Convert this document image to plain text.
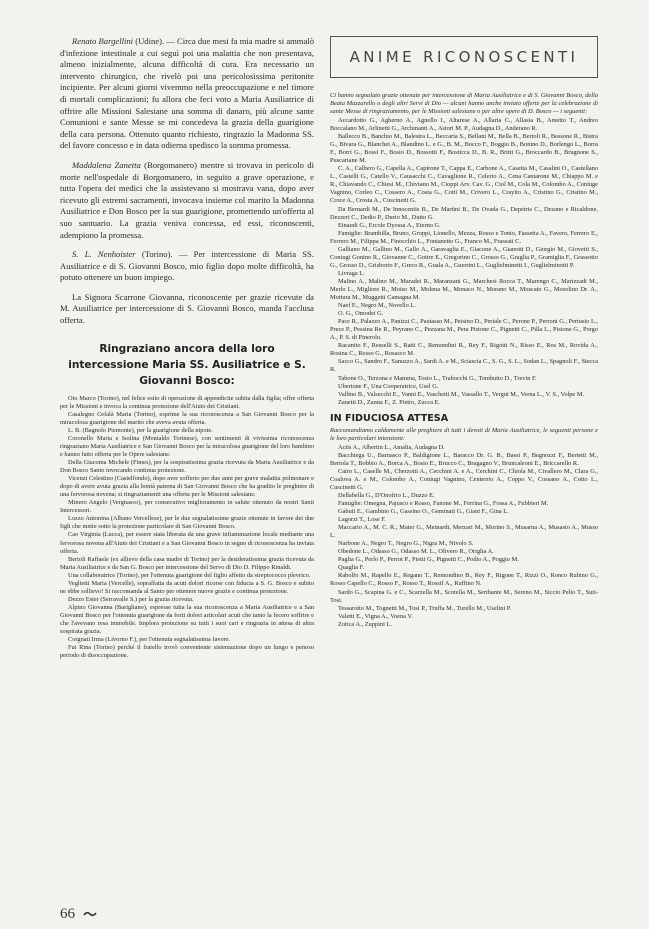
Renato Bargellini (Udine). — Circa due mesi fa mia madre si ammalò d'infezione intestinale a cui seguì poi una malattia che non presentava, almeno inizialmente, alcuna difficoltà di cura. Era necessario un intervento chirurgico, che rivelò poi una pericolosissima peritonite incipiente. Per alcuni giorni vivemmo nella preoccupazione e nel timore di mortali complicazioni; fu allora che feci voto a Maria Ausiliatrice di offrire alle Missioni Salesiane una somma di danaro, più alcune sante Comunioni e sante Messe se mi concedeva la grazia della guarigione della cara persona. Ottenuto quanto richiesto, ringrazio la Madonna SS. del favore concesso e in data odierna spedisco la somma promessa.

Maddalena Zanetta (Borgomanero) mentre si trovava in pericolo di morte nell'ospedale di Borgomanero, in seguito a grave operazione, e tutta l'opera dei medici che la assistevano si mostrava vana, dopo aver ricevuto gli estremi sacramenti, invocava insieme col marito la Madonna Ausiliatrice e Don Bosco per la sua guarigione, promettendo un'offerta al suo santuario. La grazia veniva concessa, ed essi, riconoscenti, adempiono la promessa.

S. L. Nenhoister (Torino). — Per intercessione di Maria SS. Ausiliatrice e di S. Giovanni Bosco, mio figlio dopo molte difficoltà, ha potuto ottenere un buon impiego.

La Signora Scarrone Giovanna, riconoscente per grazie ricevute da M. Ausiliatrice per intercessione di S. Giovanni Bosco, manda l'acclusa offerta.

Ringraziano ancora della loro intercessione Maria SS. Ausiliatrice e S. Giovanni Bosco:

Oto Marco (Torino), nel felice esito di operazione di appendicite subita dalla figlia; offre offerta per le Missioni e invoca la continua protezione dell'Aiuto dei Cristiani.

Casalegno Cefalà Maria (Torino), esprime la sua riconoscenza a San Giovanni Bosco per la miracolosa guarigione del marito che aveva avuta offerta.

L. B. (Bagnolo Piemonte), per la guarigione della nipote.

Coronello Maria e Isolina (Montaldo Torinese), con sentimenti di vivissima riconoscenza ringraziano Maria Ausiliatrice e San Giovanni Bosco per la miracolosa guarigione del loro bambino e hanno fatto offerta per le Opere salesiane.

Della Giacoma Michele (Fimes), per la sospiratissima grazia ricevuta da Maria Ausiliatrice e da Don Bosco Santo invocando continua protezione.

Vicenzi Celestino (Castelfondo), dopo aver sofferto per due anni per grave malattia polmonare e dopo di avere avuta grazia alla bontà paterna di San Giovanni Bosco che ha gradito le preghiere di una fervorosa novena; si ringraziamenti una offerta per le Missioni salesiane.

Minero Angelo (Vergnasco), per consecutivo miglioramento in salute ottenuto da nostri Santi Intercessori.

Lozzo Antonina (Albano Vercellese), per le due segnalatissime grazie ottenute in favore dei due figli che mette sotto la protezione particolare di San Giovanni Bosco.

Cao Virginia (Lucca), per essere stata liberata da una grave infiammazione locale mediante una fervorosa novena all'Aiuto dei Cristiani e a San Giovanni Bosco in segno di riconoscenza ha inviata offerta.

Bertoli Raffaele (ex allievo della casa madre di Torino) per la desideratissima grazia ricevuta da Maria Ausiliatrice e da San G. Bosco per intercessione del Servo di Dio D. Filippo Rinaldi.

Una collaboratrice (Torino), per l'ottenuta guarigione del figlio affetto da streptococco plevrico.

Veglietti Maria (Vercelle), sopraffatta da acuti dolori ricorse con fiducia a S. G. Bosco e subito ne ebbe sollievo! Si raccomanda al Santo per ottenere nuove grazie e continua protezione.

Dezzo Ester (Serravalle S.) per la grazia ricevuta.

Alpino Giovanna (Barigliano), espresse tutta la sua riconoscenza a Maria Ausiliatrice e a San Giovanni Bosco per l'ottenuta guarigione da forti dolori articolari acuti che tanto la fecero soffrire e che l'avevano resa immobile. Implora protezione su tutti i suoi cari e ringrazia in attesa di altra sospirata grazia.

Corgnati Irma (Livorno F.), per l'ottenuta segnalatissima favore.

Fui Rina (Torino) perché il fratello trovò conveniente sistemazione dopo un lungo e penoso periodo di disoccupazione.

ANIME RICONOSCENTI

Ci hanno segnalato grazie ottenute per intercessione di Maria Ausiliatrice e di S. Giovanni Bosco, della Beata Mazzarello o degli altri Servi di Dio — alcuni hanno anche inviato offerte per la celebrazione di sante Messe di ringraziamento, per le Missioni salesiane o per altre opere di D. Bosco — i seguenti:

Accardotto G., Agherno A., Agnello I., Altarese A., Allaria C., Allasia B., Ametto T., Andreo Boccalano M., Arlinetti G., Archinanti A., Astori M. P., Audagna D., Anderano R.

Ballecco B., Banchio M., Balestra L., Beccaria S., Bellani M., Bella B., Bertoli R., Bessone R., Bistra G., Bivara G., Blanchet A., Blandino L. e G., B. M., Bocco F., Boggio B., Bonino D., Borlengo L., Borra F., Borri G., Bossi F., Bosio D., Bossotti F., Bosticca D., B. R., Britti G., Broccardo B., Brugnone S., Puscariane M.

C. A., Calbero G., Capella A., Capirone T., Cappa E., Carbone A., Casetta M., Casalini O., Castellano L., Castelli G., Catello V., Causacchi C., Cavaglione R., Celerio A., Cena Cantarone M., Chiappo M. e R., Chiavando C., Chiesi M., Chiviano M., Cioppi Arv. Cav. G., Ciol M., Cola M., Colombo A., Coniuge Vagnino, Corleo C., Cossero A., Costa G., Cotti M., Crivero L., Crayito A., Cristino G., Cristino M., Croce A., Crosta A., Cuscinetti G.

Da Bernardi M., De Innocentis B., De Martini B., De Ovada G., Depetris C., Dezano e Ricaldone, Dezzeri C., Dedio P., Durio M., Dutto G.

Einaudi G., Ercole Dyossa A., Eterno G.

Famiglie: Brambilla, Bruno, Groppi, Lionello, Mezza, Rosso e Tonio, Fassetta A., Favero, Ferrero E., Ferrero M., Filippa M., Finocchio L., Fontanetto G., Franco M., Frassati C.

Galliano M., Gallino M., Gallo A., Garavaglia E., Giacone A., Gianotti D., Giorgio M., Giovetti S., Coniugi Gonino R., Giovanne C., Gottre E., Gregorino C., Grosso G., Graglia P., Gramiglia F., Grassotto G., Grosso D., Grisborio F., Greco R., Guala A., Guerrini L., Guglielminetti I., Guglielminotti P.

Livraga L.

Malino A., Malino M., Maradei R., Maranzani G., Marchesi Rocca T., Marengo C., Marizzadi M., Merlo L., Migliore R., Moiso M., Molena M., Monaco N., Morano M., Moscato G., Mosolino Dr. A., Mottura M., Muggetti Camagna M.

Naef E., Negro M., Novello L.

O. G., Omodei G.

Pace R., Palazzo A., Panizzi C., Pautasso M., Peisino D., Periale C., Perone P., Perroni G., Pertusio L., Prece P., Pessina Re R., Peyrano C., Pezzana M., Pera Pistone C., Pignetti C., Pilla L., Pistone G., Porgo A., P. S. di Pinerolo.

Racanito F., Resselli S., Ratti C., Remondini R., Rey F., Rigotti N., Risso E., Ros M., Rovida A., Rosina C., Rosso G., Rosasco M.

Sacco G., Sandro F., Sanuzzo A., Sardi A. e M., Sciascia C., S. G., S. L., Sodan L., Spagnoli F., Stecca R.

Tabone O., Terzona e Mamma, Tosio L., Trabocchi G., Tombutto D., Trevin F.

Ubertone F., Una Cooperatrice, Usel G.

Vallino B., Valsecchi E., Vanni E., Vaschetti M., Vassallo T., Vergut M., Verna L., V. S., Volpe M.

Zanetti D., Zanna F., Z. Pietro, Zucca E.

IN FIDUCIOSA ATTESA

Raccomandiamo caldamente alle preghiere di tutti i devoti di Maria Ausiliatrice, le seguenti persone e le loro particolari intenzioni:

Actis A., Albertin L., Amalia, Audagna D.

Bacchiega U., Barnasco P., Baldigione L., Baracco Dr. G. B., Bassi P., Begnozzi F., Bertetti M., Bertola T., Bobbio A., Borca A., Bosio E., Brucco C., Bragagno V., Bruncaleoni E., Briccarello R.

Cairo L., Caselle M., Cherzotti A., Cecchini A. e A., Cerchini C., Chiola M., Civallero M., Clara G., Coalova A. e M., Colombo A., Coniugi Vagnino, Centerrio A., Coppo V., Cossano A., Cotto L., Cuscinetti G.

Dellabella G., D'Onofrio L., Duzzo E.

Famiglie: Omegna, Pajusco e Rosso, Fanone M., Ferrina G., Fossa A., Fubbieri M.

Gabuti E., Gambino G., Gassino O., Geminati G., Giani F., Gina L.

Lagorzi T., Lose F.

Maccario A., M. C. R., Maier G., Meinardi, Merzari M., Morino S., Musarna A., Musasto A., Musso L.

Narbone A., Negro T., Negro G., Nigra M., Nivolo S.

Obedone L., Odasso G., Odasso M. L., Olivero R., Origlia A.

Paglia G., Perlo P., Perrot P., Pietti G., Pignetti C., Podio A., Poggio M.

Quaglia F.

Rabolfo M., Rapello E., Regano T., Remondino B., Rey F., Rigone T., Rizzi O., Ronco Rubino G., Rosso Capello C., Rosso F., Rosso T., Rossif A., Ruffino N.

Sardo G., Scapina G. e C., Scarzella M., Scotella M., Seribante M., Sereno M., Siccio Pelio T., Suti-Tosi.

Tessarotto M., Tognetti M., Tosi P., Truffa M., Turello M., Uselini P.

Valetti E., Vigna A., Voena V.

Zotica A., Zuppini L.

66
